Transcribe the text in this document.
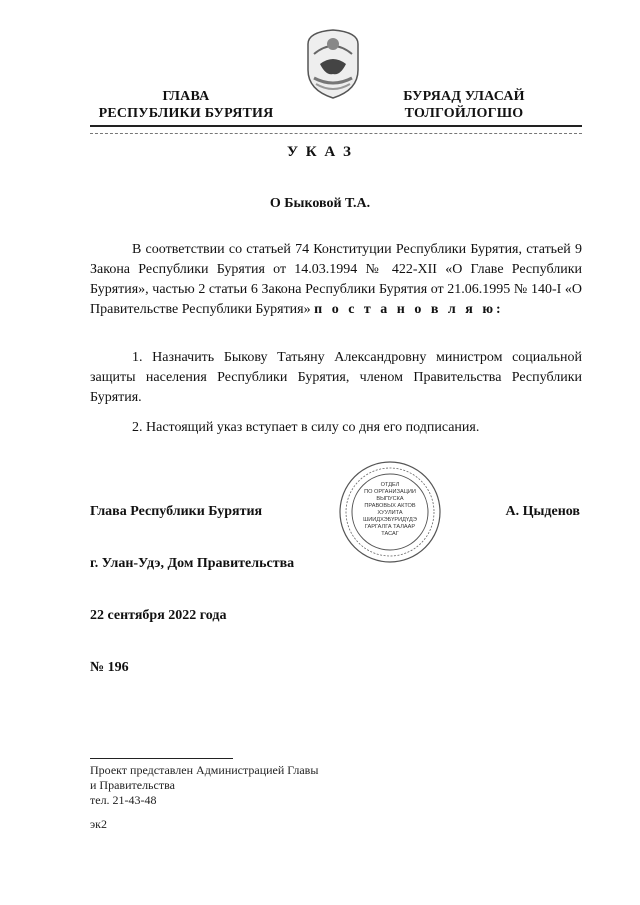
ГЛАВА
РЕСПУБЛИКИ БУРЯТИЯ
БУРЯАД УЛАСАЙ
ТОЛГОЙЛОГШО
У К А З
О Быковой Т.А.
В соответствии со статьей 74 Конституции Республики Бурятия, статьей 9 Закона Республики Бурятия от 14.03.1994 № 422-XII «О Главе Республики Бурятия», частью 2 статьи 6 Закона Республики Бурятия от 21.06.1995 № 140-I «О Правительстве Республики Бурятия» п о с т а н о в л я ю:
1. Назначить Быкову Татьяну Александровну министром социальной защиты населения Республики Бурятия, членом Правительства Республики Бурятия.
2. Настоящий указ вступает в силу со дня его подписания.
ОТДЕЛ
ПО ОРГАНИЗАЦИИ
ВЫПУСКА
ПРАВОВЫХ АКТОВ
ХУУЛИТА
ШИИДХЭБҮРИДҮДЭ
ГАРГАЛГА ТАЛААР
ТАСАГ
Глава Республики Бурятия	А. Цыденов
г. Улан-Удэ, Дом Правительства
22 сентября 2022 года
№ 196
Проект представлен Администрацией Главы
и Правительства
тел. 21-43-48
эк2
